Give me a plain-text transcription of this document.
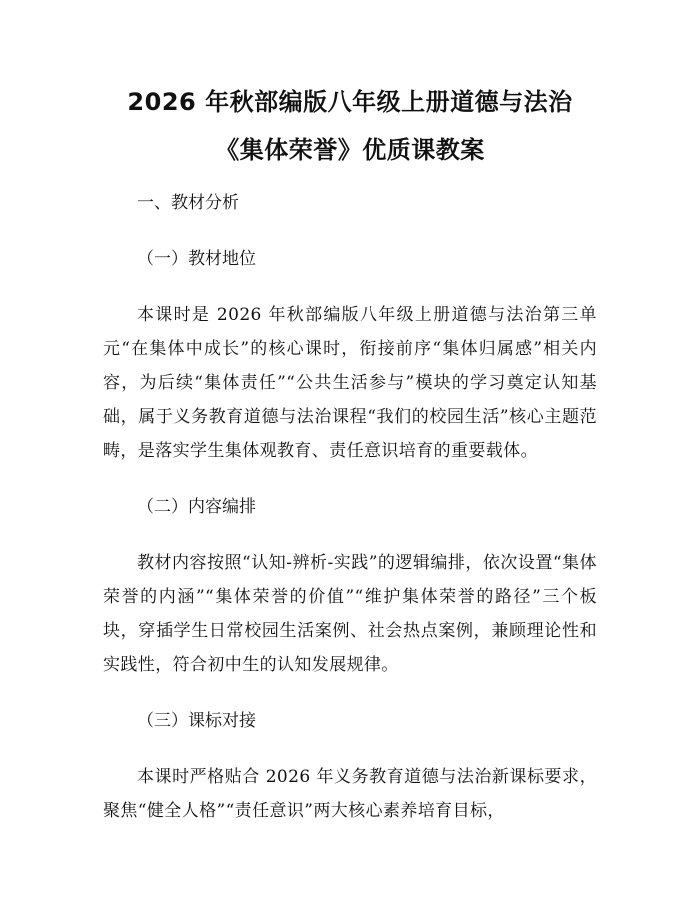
2026 年秋部编版八年级上册道德与法治《集体荣誉》优质课教案

一、教材分析

（一）教材地位

本课时是 2026 年秋部编版八年级上册道德与法治第三单元“在集体中成长”的核心课时，衔接前序“集体归属感”相关内容，为后续“集体责任”“公共生活参与”模块的学习奠定认知基础，属于义务教育道德与法治课程“我们的校园生活”核心主题范畴，是落实学生集体观教育、责任意识培育的重要载体。

（二）内容编排

教材内容按照“认知-辨析-实践”的逻辑编排，依次设置“集体荣誉的内涵”“集体荣誉的价值”“维护集体荣誉的路径”三个板块，穿插学生日常校园生活案例、社会热点案例，兼顾理论性和实践性，符合初中生的认知发展规律。

（三）课标对接

本课时严格贴合 2026 年义务教育道德与法治新课标要求，聚焦“健全人格”“责任意识”两大核心素养培育目标，
